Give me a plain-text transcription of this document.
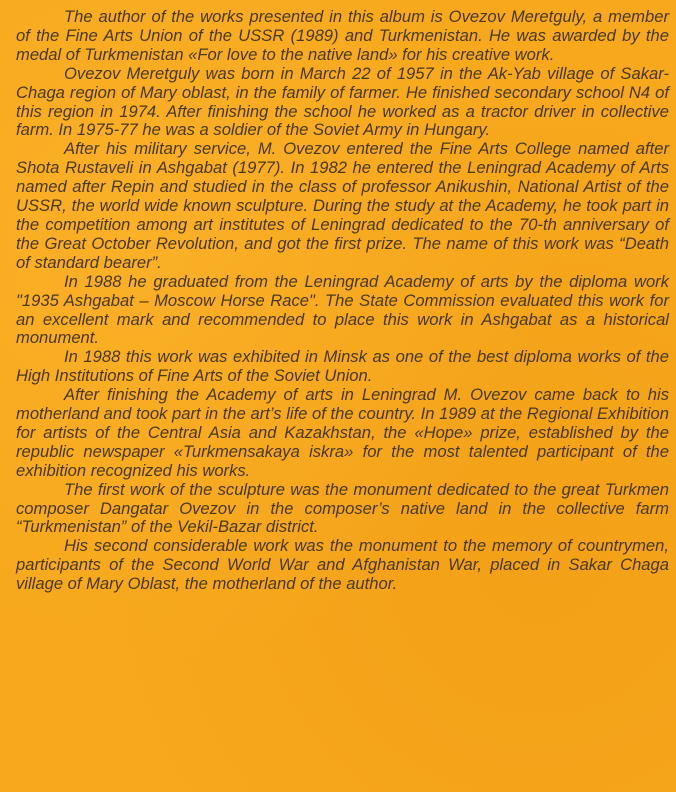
The author of the works presented in this album is Ovezov Meretguly, a member of the Fine Arts Union of the USSR (1989) and Turkmenistan. He was awarded by the medal of Turkmenistan «For love to the native land» for his creative work.

Ovezov Meretguly was born in March 22 of 1957 in the Ak-Yab village of Sakar-Chaga region of Mary oblast, in the family of farmer. He finished secondary school N4 of this region in 1974. After finishing the school he worked as a tractor driver in collective farm. In 1975-77 he was a soldier of the Soviet Army in Hungary.

After his military service, M. Ovezov entered the Fine Arts College named after Shota Rustaveli in Ashgabat (1977). In 1982 he entered the Leningrad Academy of Arts named after Repin and studied in the class of professor Anikushin, National Artist of the USSR, the world wide known sculpture. During the study at the Academy, he took part in the competition among art institutes of Leningrad dedicated to the 70-th anniversary of the Great October Revolution, and got the first prize. The name of this work was “Death of standard bearer”.

In 1988 he graduated from the Leningrad Academy of arts by the diploma work "1935 Ashgabat – Moscow Horse Race". The State Commission evaluated this work for an excellent mark and recommended to place this work in Ashgabat as a historical monument.

In 1988 this work was exhibited in Minsk as one of the best diploma works of the High Institutions of Fine Arts of the Soviet Union.

After finishing the Academy of arts in Leningrad M. Ovezov came back to his motherland and took part in the art’s life of the country. In 1989 at the Regional Exhibition for artists of the Central Asia and Kazakhstan, the «Hope» prize, established by the republic newspaper «Turkmensakaya iskra» for the most talented participant of the exhibition recognized his works.

The first work of the sculpture was the monument dedicated to the great Turkmen composer Dangatar Ovezov in the composer’s native land in the collective farm “Turkmenistan” of the Vekil-Bazar district.

His second considerable work was the monument to the memory of countrymen, participants of the Second World War and Afghanistan War, placed in Sakar Chaga village of Mary Oblast, the motherland of the author.
